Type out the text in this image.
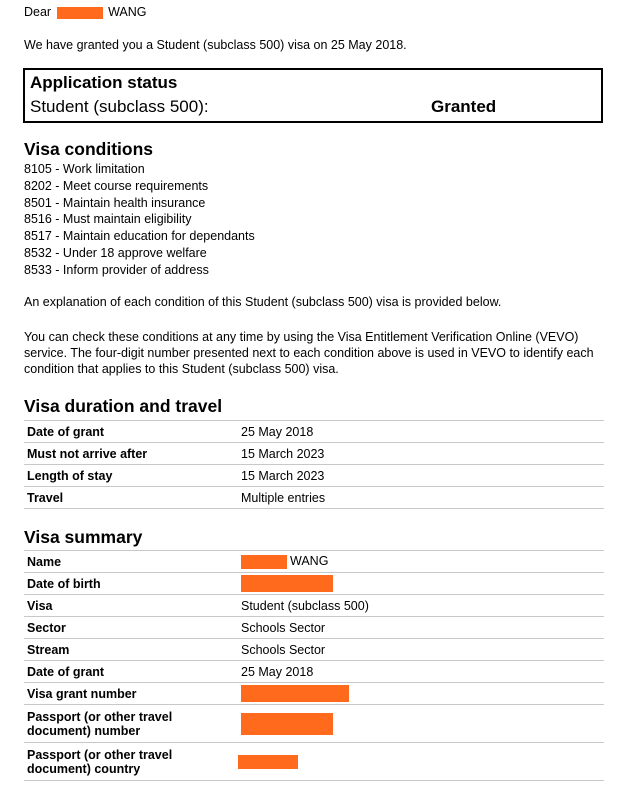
Dear	WANG
We have granted you a Student (subclass 500) visa on 25 May 2018.
Application status
Student (subclass 500):	Granted
Visa conditions
8105 - Work limitation
8202 - Meet course requirements
8501 - Maintain health insurance
8516 - Must maintain eligibility
8517 - Maintain education for dependants
8532 - Under 18 approve welfare
8533 - Inform provider of address
An explanation of each condition of this Student (subclass 500) visa is provided below.
You can check these conditions at any time by using the Visa Entitlement Verification Online (VEVO) service. The four-digit number presented next to each condition above is used in VEVO to identify each condition that applies to this Student (subclass 500) visa.
Visa duration and travel
Date of grant	25 May 2018
Must not arrive after	15 March 2023
Length of stay	15 March 2023
Travel	Multiple entries
Visa summary
Name	WANG
Date of birth	
Visa	Student (subclass 500)
Sector	Schools Sector
Stream	Schools Sector
Date of grant	25 May 2018
Visa grant number	

Passport (or other travel
document) number	

Passport (or other travel
document) country	
